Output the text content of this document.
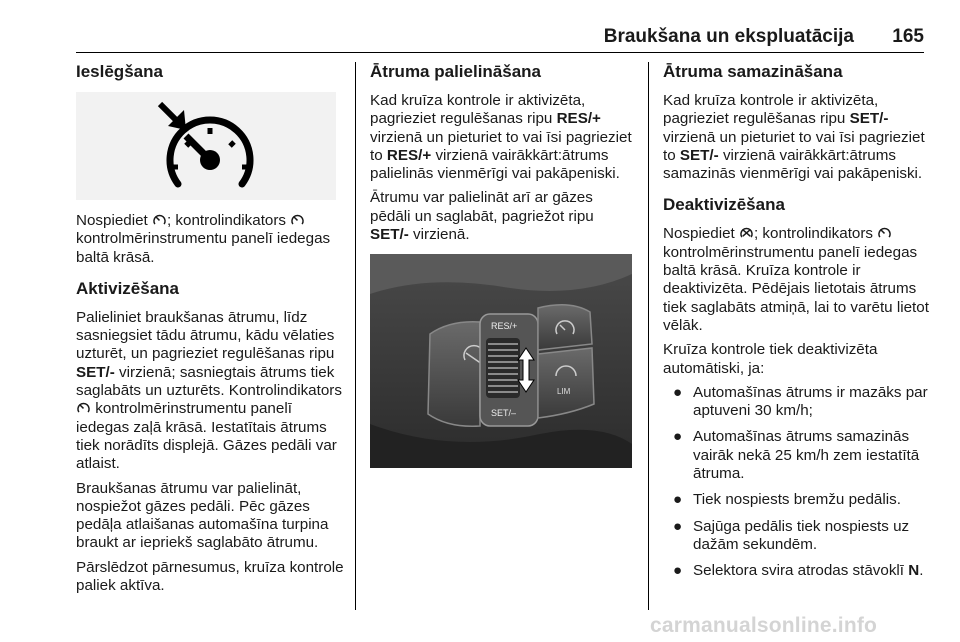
Braukšana un ekspluatācija 165
Ieslēgšana

Nospiediet ; kontrolindikators  kontrolmērinstrumentu panelī iedegas baltā krāsā.

Aktivizēšana

Palieliniet braukšanas ātrumu, līdz sasniegsiet tādu ātrumu, kādu vēlaties uzturēt, un pagrieziet regulēšanas ripu SET/- virzienā; sasniegtais ātrums tiek saglabāts un uzturēts. Kontrolindikators  kontrolmērinstrumentu panelī iedegas zaļā krāsā. Iestatītais ātrums tiek norādīts displejā. Gāzes pedāli var atlaist.

Braukšanas ātrumu var palielināt, nospiežot gāzes pedāli. Pēc gāzes pedāļa atlaišanas automašīna turpina braukt ar iepriekš saglabāto ātrumu.

Pārslēdzot pārnesumus, kruīza kontrole paliek aktīva.

Ātruma palielināšana

Kad kruīza kontrole ir aktivizēta, pagrieziet regulēšanas ripu RES/+ virzienā un pieturiet to vai īsi pagrieziet to RES/+ virzienā vairākkārt:ātrums palielinās vienmērīgi vai pakāpeniski.

Ātrumu var palielināt arī ar gāzes pēdāli un saglabāt, pagriežot ripu SET/- virzienā.

RES/+
SET/–
LIM
Ātruma samazināšana

Kad kruīza kontrole ir aktivizēta, pagrieziet regulēšanas ripu SET/- virzienā un pieturiet to vai īsi pagrieziet to SET/- virzienā vairākkārt:ātrums samazinās vienmērīgi vai pakāpeniski.

Deaktivizēšana

Nospiediet ; kontrolindikators  kontrolmērinstrumentu panelī iedegas baltā krāsā. Kruīza kontrole ir deaktivizēta. Pēdējais lietotais ātrums tiek saglabāts atmiņā, lai to varētu lietot vēlāk.

Kruīza kontrole tiek deaktivizēta automātiski, ja:

● Automašīnas ātrums ir mazāks par aptuveni 30 km/h;
● Automašīnas ātrums samazinās vairāk nekā 25 km/h zem iestatītā ātruma.
● Tiek nospiests bremžu pedālis.
● Sajūga pedālis tiek nospiests uz dažām sekundēm.
● Selektora svira atrodas stāvoklī N.
carmanualsonline.info
